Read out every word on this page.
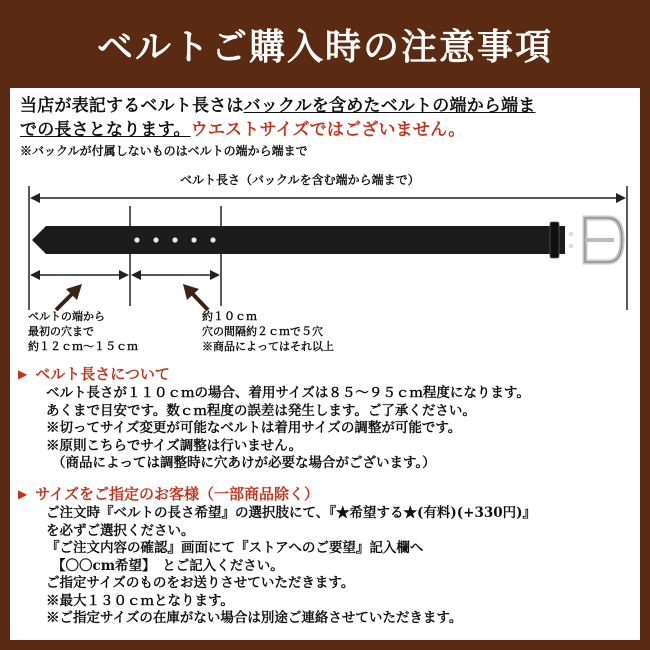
ベルトご購入時の注意事項
当店が表記するベルト長さはバックルを含めたベルトの端から端ま
での長さとなります。ウエストサイズではございません。
※バックルが付属しないものはベルトの端から端まで
ベルト長さ（バックルを含む端から端まで）
ベルトの端から
最初の穴まで
約１２ｃｍ～１５ｃｍ
約１０ｃｍ
穴の間隔約２ｃｍで５穴
※商品によってはそれ以上
▶ ベルト長さについて
ベルト長さが１１０ｃｍの場合、着用サイズは８５～９５ｃｍ程度になります。
あくまで目安です。数ｃｍ程度の誤差は発生します。ご了承ください。
※切ってサイズ変更が可能なベルトは着用サイズの調整が可能です。
※原則こちらでサイズ調整は行いません。
（商品によっては調整時に穴あけが必要な場合がございます。）
▶ サイズをご指定のお客様（一部商品除く）
ご注文時『ベルトの長さ希望』の選択肢にて、『★希望する★(有料)(+330円)』
を必ずご選択ください。
『ご注文内容の確認』画面にて『ストアへのご要望』記入欄へ
【〇〇cm希望】　とご記入ください。
ご指定サイズのものをお送りさせていただきます。
※最大１３０ｃｍとなります。
※ご指定サイズの在庫がない場合は別途ご連絡させていただきます。
